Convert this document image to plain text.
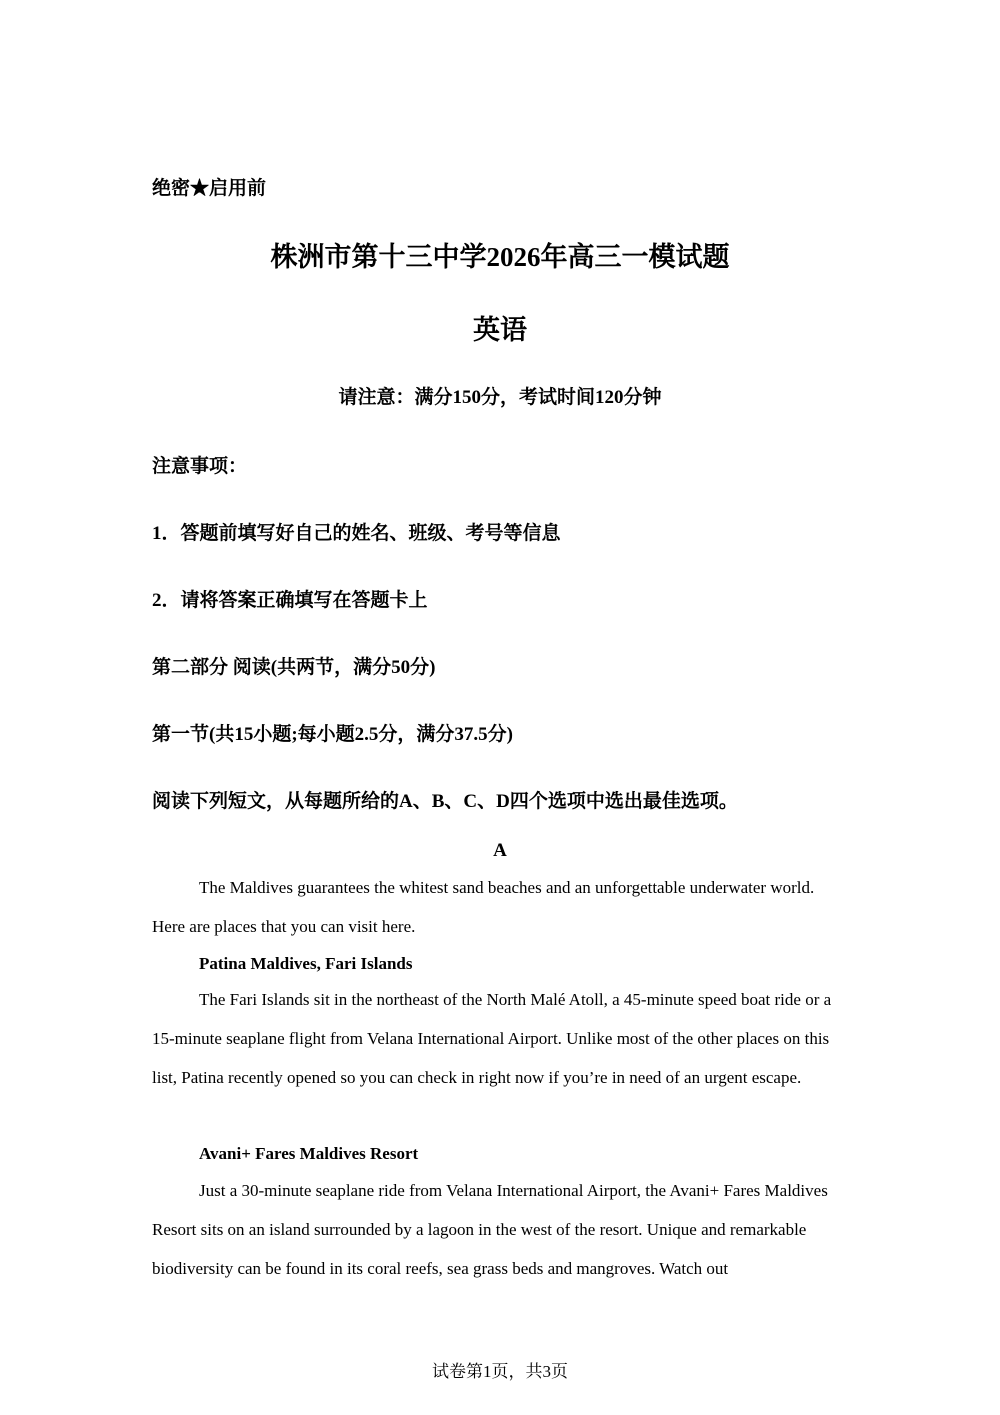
绝密★启用前
株洲市第十三中学2026年高三一模试题
英语
请注意：满分150分，考试时间120分钟
注意事项：
1．答题前填写好自己的姓名、班级、考号等信息
2．请将答案正确填写在答题卡上
第二部分 阅读(共两节，满分50分)
第一节(共15小题;每小题2.5分，满分37.5分)
阅读下列短文，从每题所给的A、B、C、D四个选项中选出最佳选项。
A
The Maldives guarantees the whitest sand beaches and an unforgettable underwater world. Here are places that you can visit here.
Patina Maldives, Fari Islands
The Fari Islands sit in the northeast of the North Malé Atoll, a 45-minute speed boat ride or a 15-minute seaplane flight from Velana International Airport. Unlike most of the other places on this list, Patina recently opened so you can check in right now if you’re in need of an urgent escape.
Avani+ Fares Maldives Resort
Just a 30-minute seaplane ride from Velana International Airport, the Avani+ Fares Maldives Resort sits on an island surrounded by a lagoon in the west of the resort. Unique and remarkable biodiversity can be found in its coral reefs, sea grass beds and mangroves. Watch out
试卷第1页，共3页
